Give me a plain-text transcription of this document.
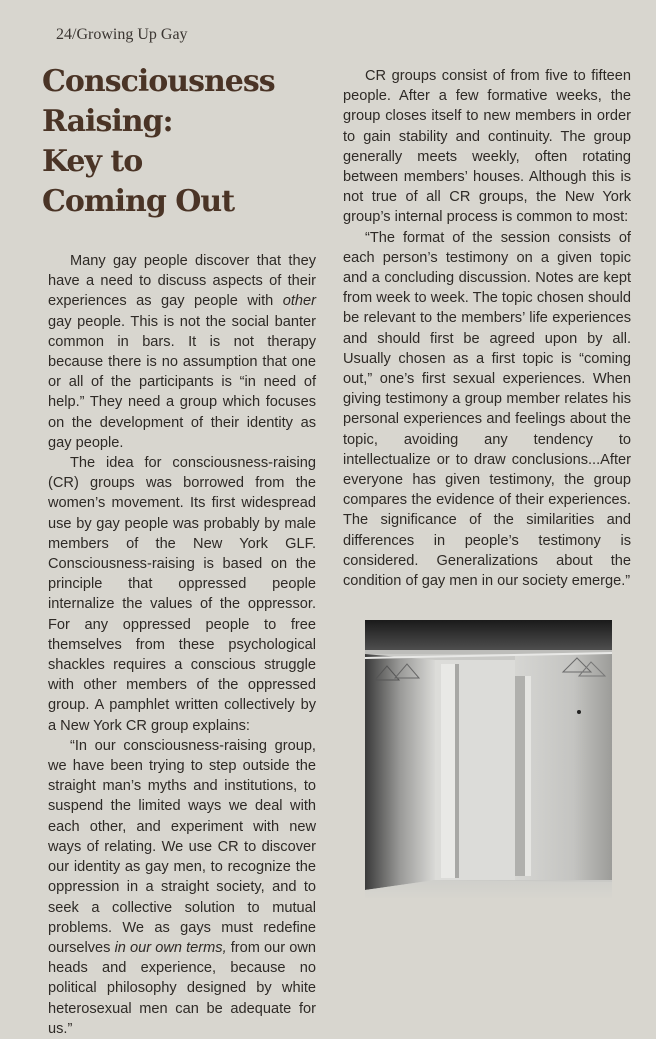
24/Growing Up Gay
Consciousness
Raising:
Key to
Coming Out

Many gay people discover that they have a need to discuss aspects of their experiences as gay people with other gay people. This is not the social banter common in bars. It is not therapy because there is no assumption that one or all of the participants is “in need of help.” They need a group which focuses on the development of their identity as gay people.

The idea for consciousness-raising (CR) groups was borrowed from the women’s movement. Its first widespread use by gay people was probably by male members of the New York GLF. Consciousness-raising is based on the principle that oppressed people internalize the values of the oppressor. For any oppressed people to free themselves from these psychological shackles requires a conscious struggle with other members of the oppressed group. A pamphlet written collectively by a New York CR group explains:

“In our consciousness-raising group, we have been trying to step outside the straight man’s myths and institutions, to suspend the limited ways we deal with each other, and experiment with new ways of relating. We use CR to discover our identity as gay men, to recognize the oppression in a straight society, and to seek a collective solution to mutual problems. We as gays must redefine ourselves in our own terms, from our own heads and experience, because no political philosophy designed by white heterosexual men can be adequate for us.”

CR groups consist of from five to fifteen people. After a few formative weeks, the group closes itself to new members in order to gain stability and continuity. The group generally meets weekly, often rotating between members’ houses. Although this is not true of all CR groups, the New York group’s internal process is common to most:

“The format of the session consists of each person’s testimony on a given topic and a concluding discussion. Notes are kept from week to week. The topic chosen should be relevant to the members’ life experiences and should first be agreed upon by all. Usually chosen as a first topic is “coming out,” one’s first sexual experiences. When giving testimony a group member relates his personal experiences and feelings about the topic, avoiding any tendency to intellectualize or to draw conclusions...After everyone has given testimony, the group compares the evidence of their experiences. The significance of the similarities and differences in people’s testimony is considered. Generalizations about the condition of gay men in our society emerge.”
